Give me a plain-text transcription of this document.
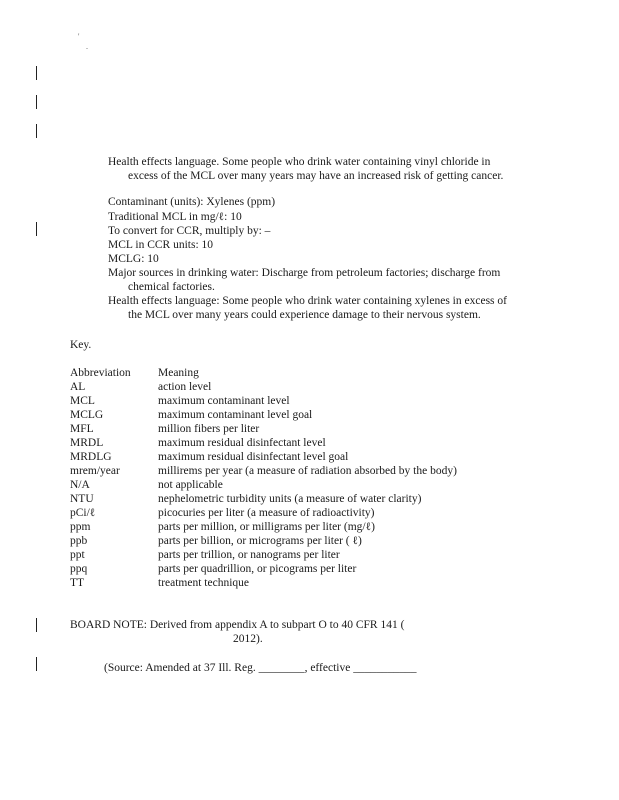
'
.
Health effects language. Some people who drink water containing vinyl chloride in
excess of the MCL over many years may have an increased risk of getting cancer.
Contaminant (units): Xylenes (ppm)
Traditional MCL in mg/ℓ: 10
To convert for CCR, multiply by: –
MCL in CCR units: 10
MCLG: 10
Major sources in drinking water: Discharge from petroleum factories; discharge from
chemical factories.
Health effects language: Some people who drink water containing xylenes in excess of
the MCL over many years could experience damage to their nervous system.
Key.
Abbreviation	Meaning
AL	action level
MCL	maximum contaminant level
MCLG	maximum contaminant level goal
MFL	million fibers per liter
MRDL	maximum residual disinfectant level
MRDLG	maximum residual disinfectant level goal
mrem/year	millirems per year (a measure of radiation absorbed by the body)
N/A	not applicable
NTU	nephelometric turbidity units (a measure of water clarity)
pCi/ℓ	picocuries per liter (a measure of radioactivity)
ppm	parts per million, or milligrams per liter (mg/ℓ)
ppb	parts per billion, or micrograms per liter ( ℓ)
ppt	parts per trillion, or nanograms per liter
ppq	parts per quadrillion, or picograms per liter
TT	treatment technique
BOARD NOTE: Derived from appendix A to subpart O to 40 CFR 141 (
2012).
(Source: Amended at 37 Ill. Reg. ________, effective ___________
